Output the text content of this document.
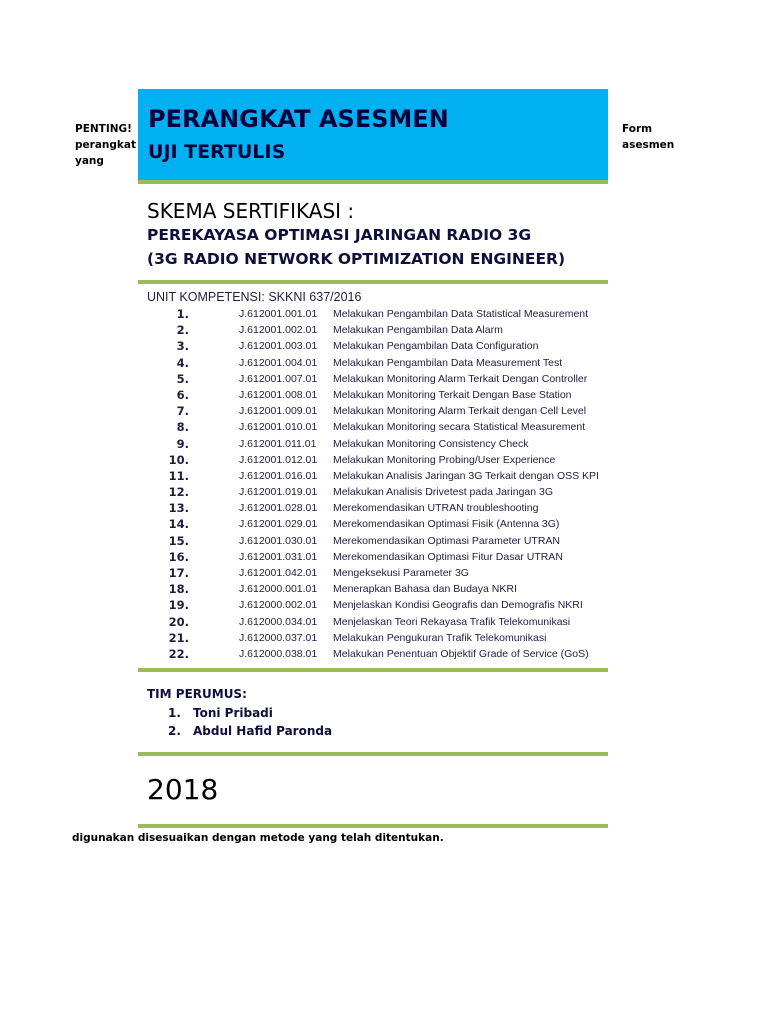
PENTING!
perangkat
yang
Form
asesmen
PERANGKAT ASESMEN
UJI TERTULIS
SKEMA SERTIFIKASI :
PEREKAYASA OPTIMASI JARINGAN RADIO 3G
(3G RADIO NETWORK OPTIMIZATION ENGINEER)
UNIT KOMPETENSI: SKKNI 637/2016
1.	J.612001.001.01 Melakukan Pengambilan Data Statistical Measurement
2.	J.612001.002.01 Melakukan Pengambilan Data Alarm
3.	J.612001.003.01 Melakukan Pengambilan Data Configuration
4.	J.612001.004.01 Melakukan Pengambilan Data Measurement Test
5.	J.612001.007.01 Melakukan Monitoring Alarm Terkait Dengan Controller
6.	J.612001.008.01 Melakukan Monitoring Terkait Dengan Base Station
7.	J.612001.009.01 Melakukan Monitoring Alarm Terkait dengan Cell Level
8.	J.612001.010.01 Melakukan Monitoring secara Statistical Measurement
9.	J.612001.011.01 Melakukan Monitoring Consistency Check
10.	J.612001.012.01 Melakukan Monitoring Probing/User Experience
11.	J.612001.016.01 Melakukan Analisis Jaringan 3G Terkait dengan OSS KPI
12.	J.612001.019.01 Melakukan Analisis Drivetest pada Jaringan 3G
13.	J.612001.028.01 Merekomendasikan UTRAN troubleshooting
14.	J.612001.029.01 Merekomendasikan Optimasi Fisik (Antenna 3G)
15.	J.612001.030.01 Merekomendasikan Optimasi Parameter UTRAN
16.	J.612001.031.01 Merekomendasikan Optimasi Fitur Dasar UTRAN
17.	J.612001.042.01 Mengeksekusi Parameter 3G
18.	J.612000.001.01 Menerapkan Bahasa dan Budaya NKRI
19.	J.612000.002.01 Menjelaskan Kondisi Geografis dan Demografis NKRI
20.	J.612000.034.01 Menjelaskan Teori Rekayasa Trafik Telekomunikasi
21.	J.612000.037.01 Melakukan Pengukuran Trafik Telekomunikasi
22.	J.612000.038.01 Melakukan Penentuan Objektif Grade of Service (GoS)
TIM PERUMUS:
1. Toni Pribadi
2. Abdul Hafid Paronda
2018
digunakan disesuaikan dengan metode yang telah ditentukan.
